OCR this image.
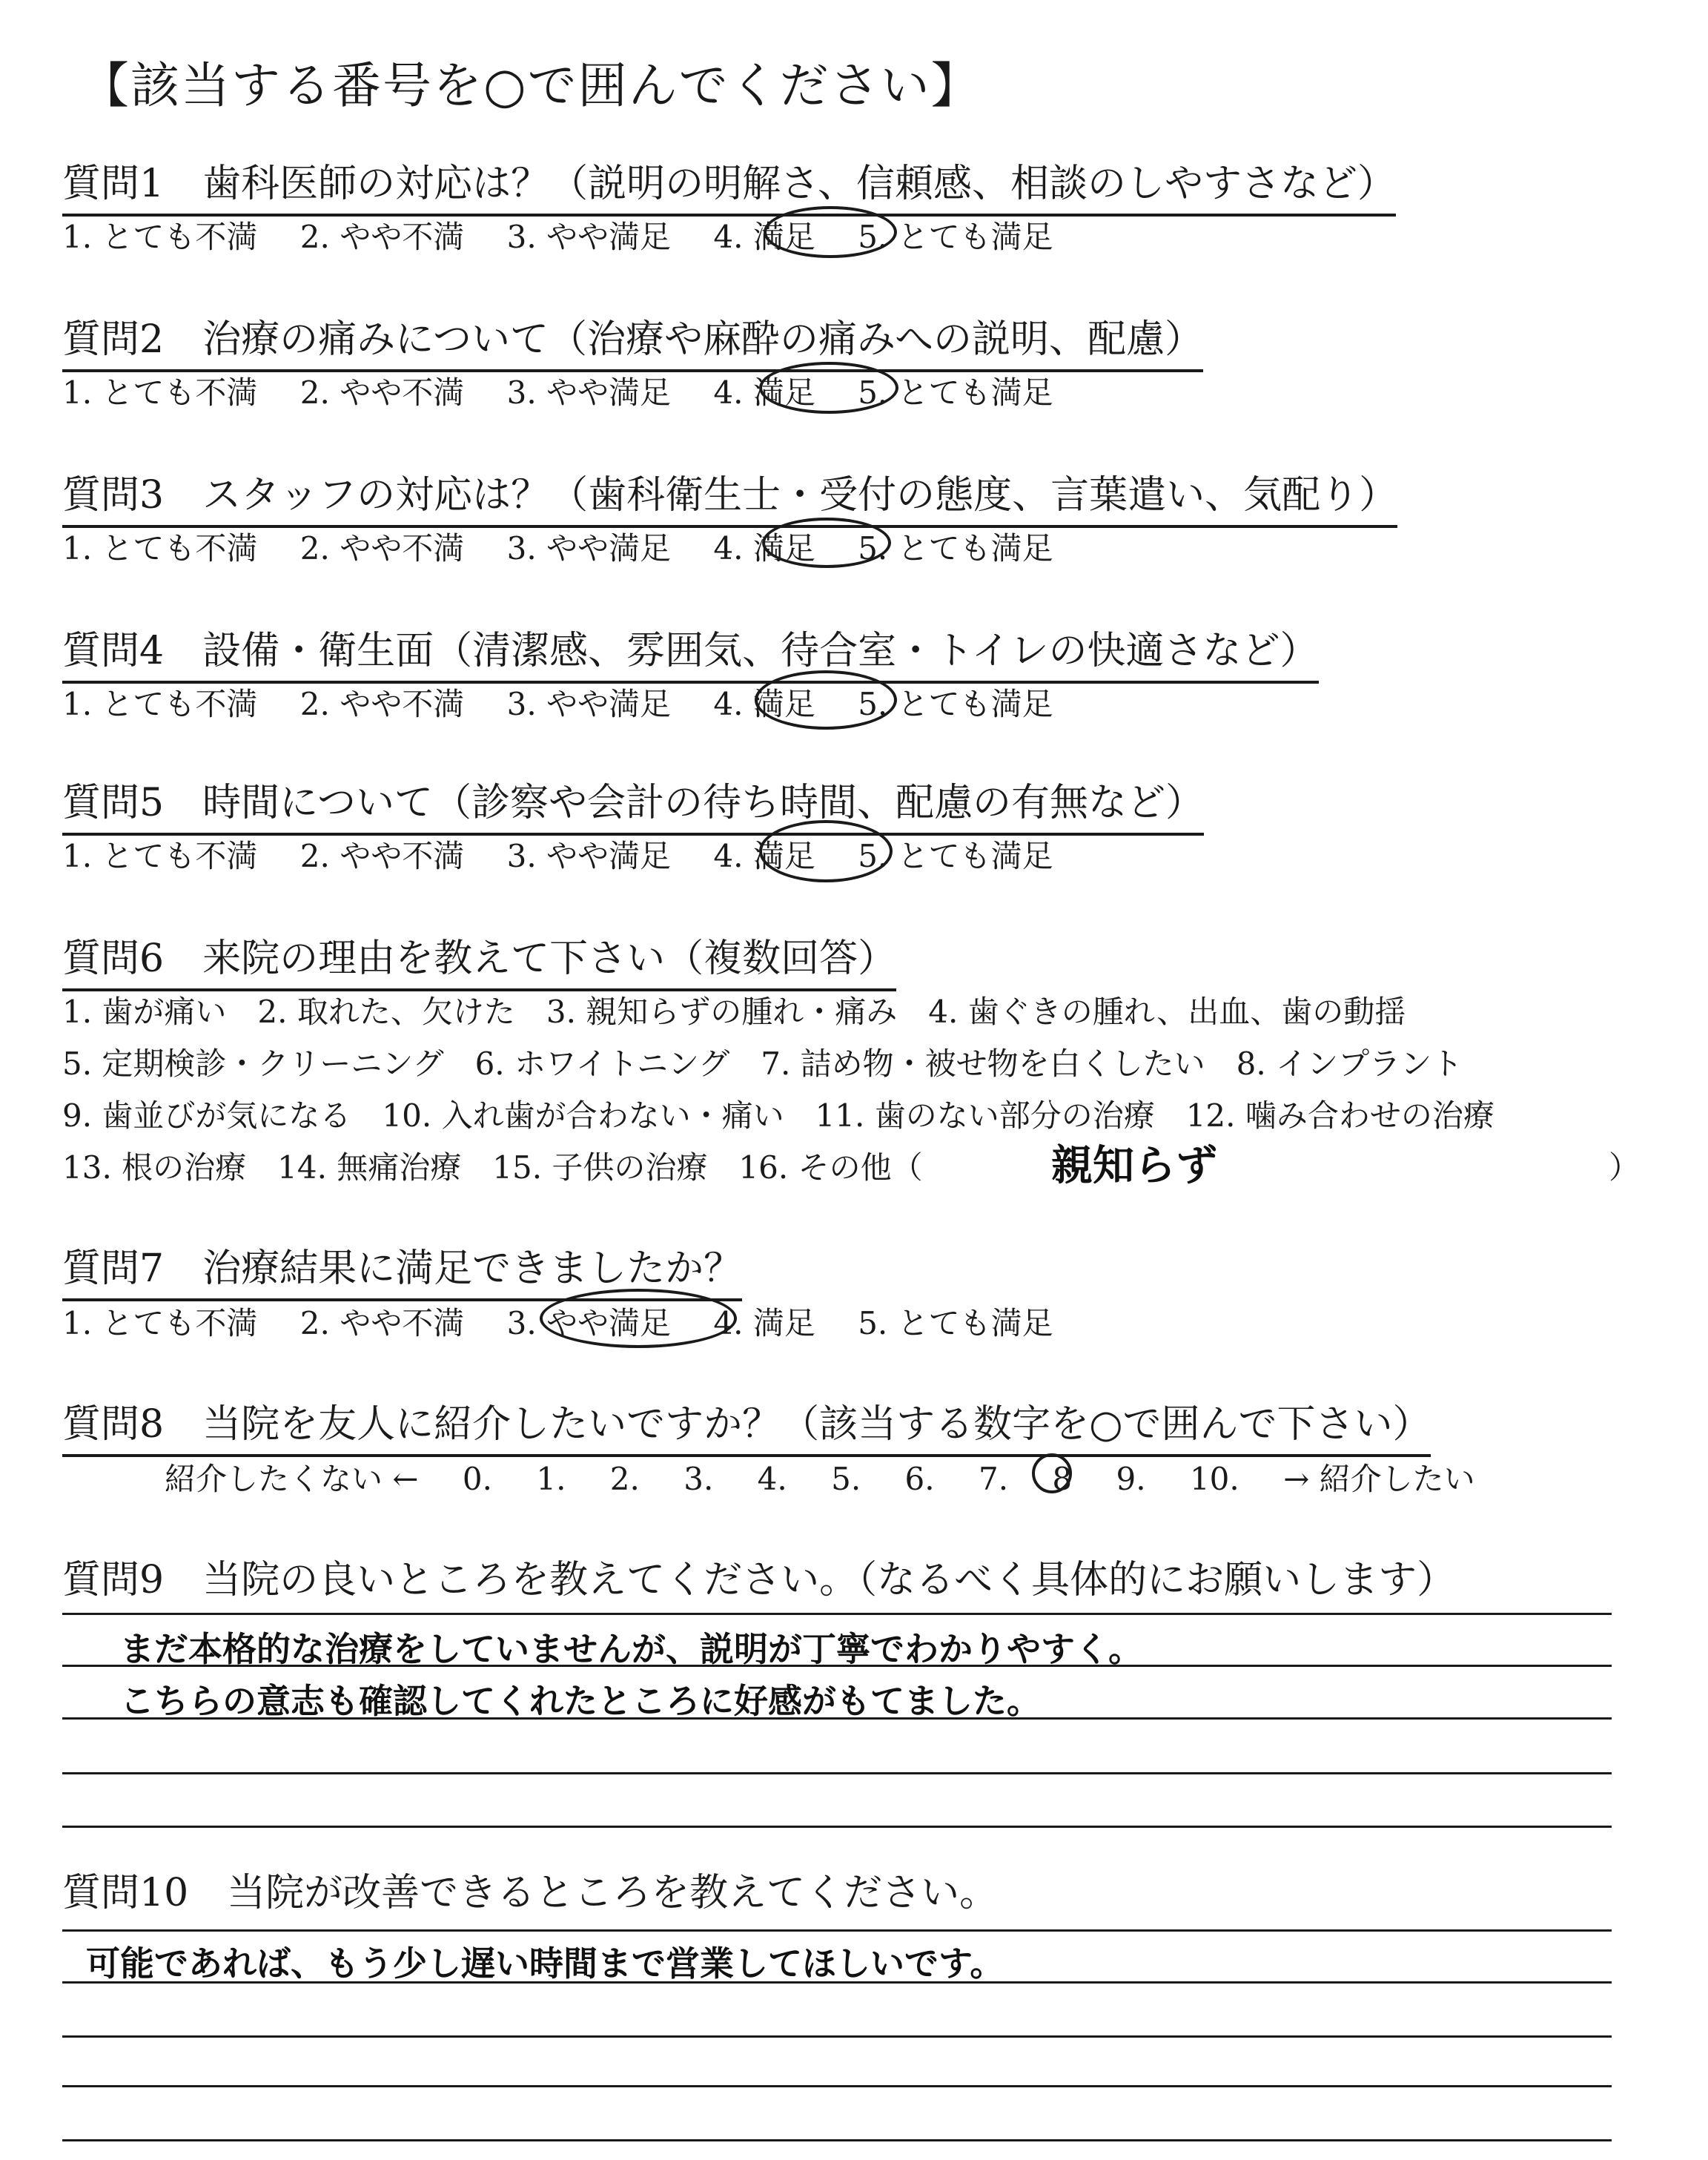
【該当する番号を○で囲んでください】
質問1　歯科医師の対応は？（説明の明解さ、信頼感、相談のしやすさなど）
1. とても不満 2. やや不満 3. やや満足 4. 満足 5. とても満足
質問2　治療の痛みについて（治療や麻酔の痛みへの説明、配慮）
1. とても不満 2. やや不満 3. やや満足 4. 満足 5. とても満足
質問3　スタッフの対応は？（歯科衛生士・受付の態度、言葉遣い、気配り）
1. とても不満 2. やや不満 3. やや満足 4. 満足 5. とても満足
質問4　設備・衛生面（清潔感、雰囲気、待合室・トイレの快適さなど）
1. とても不満 2. やや不満 3. やや満足 4. 満足 5. とても満足
質問5　時間について（診察や会計の待ち時間、配慮の有無など）
1. とても不満 2. やや不満 3. やや満足 4. 満足 5. とても満足
質問6　来院の理由を教えて下さい（複数回答）
1. 歯が痛い　2. 取れた、欠けた　3. 親知らずの腫れ・痛み　4. 歯ぐきの腫れ、出血、歯の動揺
5. 定期検診・クリーニング　6. ホワイトニング　7. 詰め物・被せ物を白くしたい　8. インプラント
9. 歯並びが気になる　10. 入れ歯が合わない・痛い　11. 歯のない部分の治療　12. 噛み合わせの治療
13. 根の治療　14. 無痛治療　15. 子供の治療　16. その他（	親知らず	）
質問7　治療結果に満足できましたか？
1. とても不満 2. やや不満 3. やや満足 4. 満足 5. とても満足
質問8　当院を友人に紹介したいですか？（該当する数字を○で囲んで下さい）
紹介したくない ← 0. 1. 2. 3. 4. 5. 6. 7. 8 9. 10. → 紹介したい
質問9　当院の良いところを教えてください。（なるべく具体的にお願いします）
まだ本格的な治療をしていませんが、説明が丁寧でわかりやすく。
こちらの意志も確認してくれたところに好感がもてました。
質問10　当院が改善できるところを教えてください。
可能であれば、もう少し遅い時間まで営業してほしいです。
